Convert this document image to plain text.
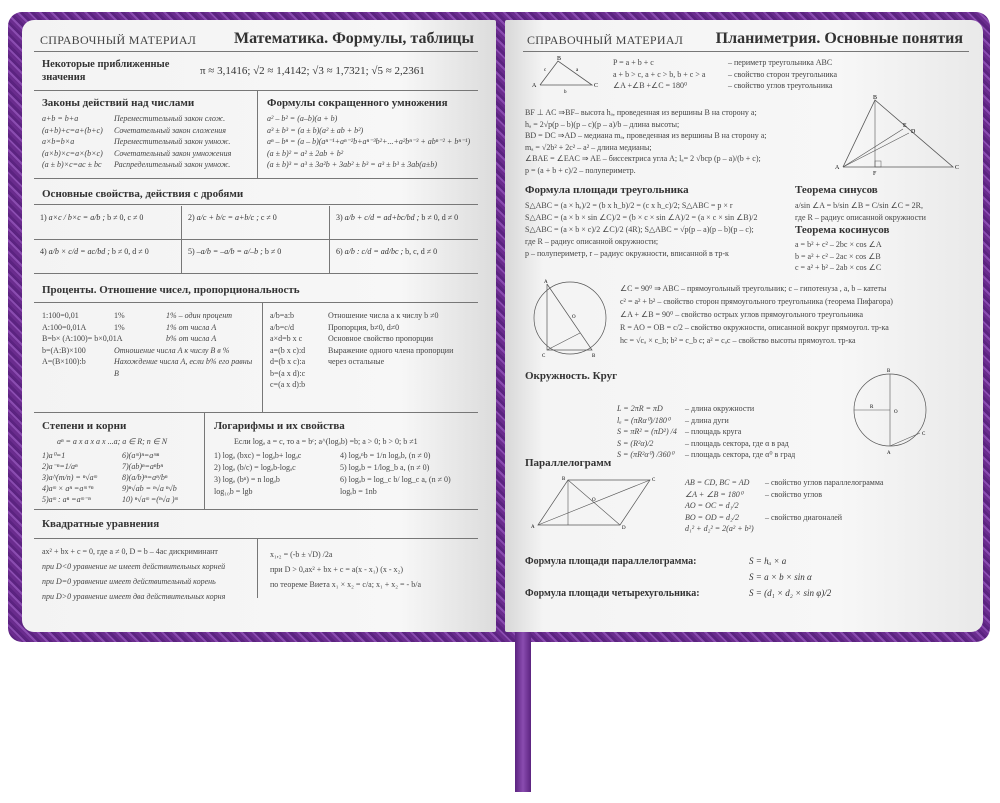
СПРАВОЧНЫЙ МАТЕРИАЛ Математика. Формулы, таблицы
Некоторые приближенные значения
π ≈ 3,1416; √2 ≈ 1,4142; √3 ≈ 1,7321; √5 ≈ 2,2361
Законы действий над числами
a+b = b+a	Переместительный закон слож.
(a+b)+c=a+(b+c)	Сочетательный закон сложения
a×b=b×a	Переместительный закон умнож.
(a×b)×c=a×(b×c)	Сочетательный закон умножения
(a ± b)×c=ac ± bc	Распределительный закон умнож.
Формулы сокращенного умножения
a² – b² = (a–b)(a + b)
a³ ± b³ = (a ± b)(a² ± ab + b²)
aⁿ – bⁿ = (a – b)(aⁿ⁻¹+aⁿ⁻²b+aⁿ⁻³b²+...+a²bⁿ⁻³ + abⁿ⁻² + bⁿ⁻¹)
(a ± b)² = a² ± 2ab + b²
(a ± b)³ = a³ ± 3a²b + 3ab² ± b³ = a³ ± b³ ± 3ab(a±b)
Основные свойства, действия с дробями
1) a×c / b×c = a/b ; b ≠ 0, c ≠ 0	2) a/c + b/c = a+b/c ; c ≠ 0	3) a/b + c/d = ad+bc/bd ; b ≠ 0, d ≠ 0
4) a/b × c/d = ac/bd ; b ≠ 0, d ≠ 0	5) –a/b = –a/b = a/–b ; b ≠ 0	6) a/b : c/d = ad/bc ; b, c, d ≠ 0
Проценты. Отношение чисел, пропорциональность
1:100=0,01	1%	1% – один процент
A:100=0,01A	1%	1% от числа A
B=b× (A:100)= b×0,01A	b% от числа A
b=(A:B)×100	Отношение числа A к числу B в %
A=(B×100):b	Нахождение числа A, если b% его равны B
a/b=a:b	Отношение числа a к числу b ≠0
a/b=c/d	Пропорция, b≠0, d≠0
a×d=b x c	Основное свойство пропорции
a=(b x c):d	Выражение одного члена пропорции
d=(b x c):a	через остальные
b=(a x d):c
c=(a x d):b
Степени и корни
aⁿ = a x a x a x ...a; a ∈ R; n ∈ N
1)a⁰=1
2)a⁻ⁿ=1/aⁿ
3)a^(m/n) = ⁿ√aᵐ
4)aᵐ × aⁿ =aᵐ⁺ⁿ
5)aᵐ : aⁿ =aᵐ⁻ⁿ
6)(aᵐ)ⁿ=aᵐⁿ
7)(ab)ⁿ=aⁿbⁿ
8)(a/b)ⁿ=aⁿ/bⁿ
9)ⁿ√ab = ⁿ√a ⁿ√b
10) ⁿ√aᵐ =(ⁿ√a )ᵐ
Логарифмы и их свойства
Если logₐ a = c, то a = bᶜ; a^(logₐb) =b; a > 0; b > 0; b ≠1
1) logₐ (bxc) = logₐb+ logₐc
2) logₐ (b/c) = logₐb-logₐc
3) logₐ (bⁿ) = n logₐb
log₁₀b = lgb
4) logₐⁿb = 1/n logₐb, (n ≠ 0)
5) logₐb = 1/log_b a, (n ≠ 0)
6) logₐb = log_c b/ log_c a, (n ≠ 0)
logₑb = 1nb
Квадратные уравнения
ax² + bx + c = 0, где a ≠ 0, D = b – 4ac дискриминант
при D<0 уравнение не имеет действительных корней
при D=0 уравнение имеет действительный корень
при D>0 уравнение имеет два действительных корня
x₁,₂ = (-b ± √D) /2a
при D > 0,ax² + bx + c = a(x - x₁) (x - x₂)
по теореме Виета x₁ × x₂ = c/a; x₁ + x₂ = - b/a
СПРАВОЧНЫЙ МАТЕРИАЛ Планиметрия. Основные понятия
A
B
C
a
b
c
P = a + b + c	– периметр треугольника ABC
a + b > c, a + c > b, b + c > a	– свойство сторон треугольника
∠A +∠B +∠C = 180⁰	– свойство углов треугольника
BF ⊥ AC ⇒BF– высота hₐ, проведенная из вершины B на сторону a;
hₐ = 2√p(p – b)(p – c)(p – a)/b – длина высоты;
BD = DC ⇒AD – медиана mₐ, проведенная из вершины B на сторону a;
mₐ = √2b² + 2c² – a² – длина медианы;
∠BAE = ∠EAC ⇒ AE – биссектриса угла A; lₐ= 2 √bcp (p – a)/(b + c);
p = (a + b + c)/2 – полупериметр.	A
B
C
D
E
F
Формула площади треугольника
S△ABC = (a × hₐ)/2 = (b x h_b)/2 = (c x h_c)/2; S△ABC = p × r
S△ABC = (a × b × sin ∠C)/2 = (b × c × sin ∠A)/2 = (a × c × sin ∠B)/2
S△ABC = (a × b × c)/2 ∠C)/2 (4R); S△ABC = √p(p – a)(p – b)(p – c);
где R – радиус описанной окружности;
p – полупериметр, r – радиус окружности, вписанной в тр-к
Теорема синусов
a/sin ∠A = b/sin ∠B = C/sin ∠C = 2R,
где R – радиус описанной окружности
Теорема косинусов
a = b² + c² – 2bc × cos ∠A
b = a² + c² – 2ac × cos ∠B
c = a² + b² – 2ab × cos ∠C
A
C	B
O
∠C = 90⁰ ⇒ ABC – прямоугольный треугольник; c – гипотенуза , a, b – катеты
c² = a² + b² – свойство сторон прямоугольного треугольника (теорема Пифагора)
∠A + ∠B = 90⁰ – свойство острых углов прямоугольного треугольника
R = AO = OB = c/2 – свойство окружности, описанной вокруг прямоугол. тр-ка
hc = √cₐ × c_b; b² = c_b c; a² = cₐc – свойство высоты прямоугол. тр-ка
Окружность. Круг
L = 2πR = πD	– длина окружности
lₐ = (πRα⁰)/180⁰	– длина дуги
S = πR² = (πD²) /4	– площадь круга
S = (R²α)/2	– площадь сектора, где α в рад
S = (πR²α⁰) /360⁰	– площадь сектора, где α⁰ в град
B
A
C
O
R
Параллелограмм
A
B	C
D
O
AB = CD, BC = AD	– свойство углов параллелограмма
∠A + ∠B = 180⁰	– свойство углов
AO = OC = d₁/2
BO = OD = d₂/2	– свойство диагоналей
d₁² + d₂² = 2(a² + b²)
Формула площади параллелограмма:	S = hₐ × a
S = a × b × sin α
Формула площади четырехугольника:	S = (d₁ × d₂ × sin φ)/2
